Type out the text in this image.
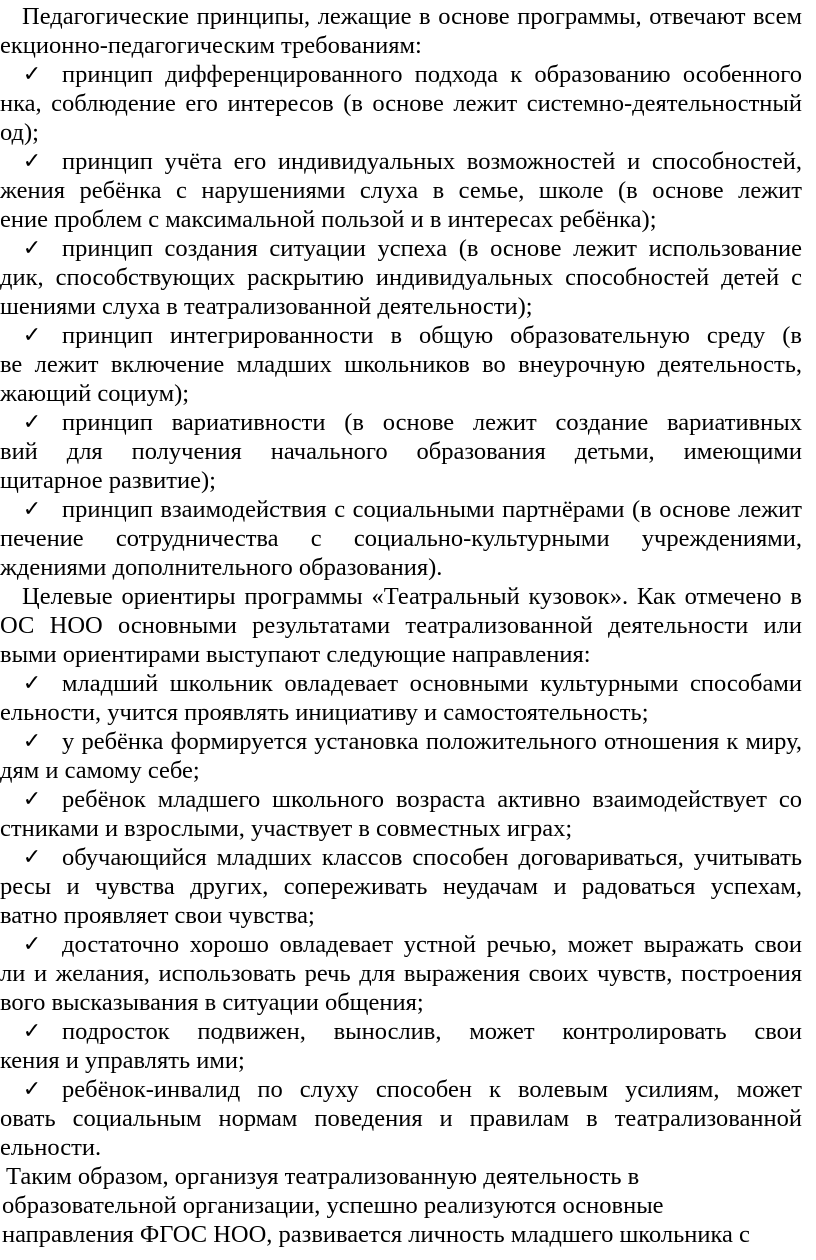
Педагогические принципы, лежащие в основе программы, отвечают всем
екционно-педагогическим требованиям:
✓ принцип дифференцированного подхода к образованию особенного
нка, соблюдение его интересов (в основе лежит системно-деятельностный
од);
✓ принцип учёта его индивидуальных возможностей и способностей,
жения ребёнка с нарушениями слуха в семье, школе (в основе лежит
ение проблем с максимальной пользой и в интересах ребёнка);
✓ принцип создания ситуации успеха (в основе лежит использование
дик, способствующих раскрытию индивидуальных способностей детей с
шениями слуха в театрализованной деятельности);
✓ принцип интегрированности в общую образовательную среду (в
ве лежит включение младших школьников во внеурочную деятельность,
жающий социум);
✓ принцип вариативности (в основе лежит создание вариативных
вий для получения начального образования детьми, имеющими
щитарное развитие);
✓ принцип взаимодействия с социальными партнёрами (в основе лежит
печение сотрудничества с социально-культурными учреждениями,
ждениями дополнительного образования).
Целевые ориентиры программы «Театральный кузовок». Как отмечено в
ОС НОО основными результатами театрализованной деятельности или
выми ориентирами выступают следующие направления:
✓ младший школьник овладевает основными культурными способами
ельности, учится проявлять инициативу и самостоятельность;
✓ у ребёнка формируется установка положительного отношения к миру,
дям и самому себе;
✓ ребёнок младшего школьного возраста активно взаимодействует со
стниками и взрослыми, участвует в совместных играх;
✓ обучающийся младших классов способен договариваться, учитывать
ресы и чувства других, сопереживать неудачам и радоваться успехам,
ватно проявляет свои чувства;
✓ достаточно хорошо овладевает устной речью, может выражать свои
ли и желания, использовать речь для выражения своих чувств, построения
вого высказывания в ситуации общения;
✓ подросток подвижен, вынослив, может контролировать свои
кения и управлять ими;
✓ ребёнок-инвалид по слуху способен к волевым усилиям, может
овать социальным нормам поведения и правилам в театрализованной
ельности.
Таким образом, организуя театрализованную деятельность в
образовательной организации, успешно реализуются основные
направления ФГОС НОО, развивается личность младшего школьника с
